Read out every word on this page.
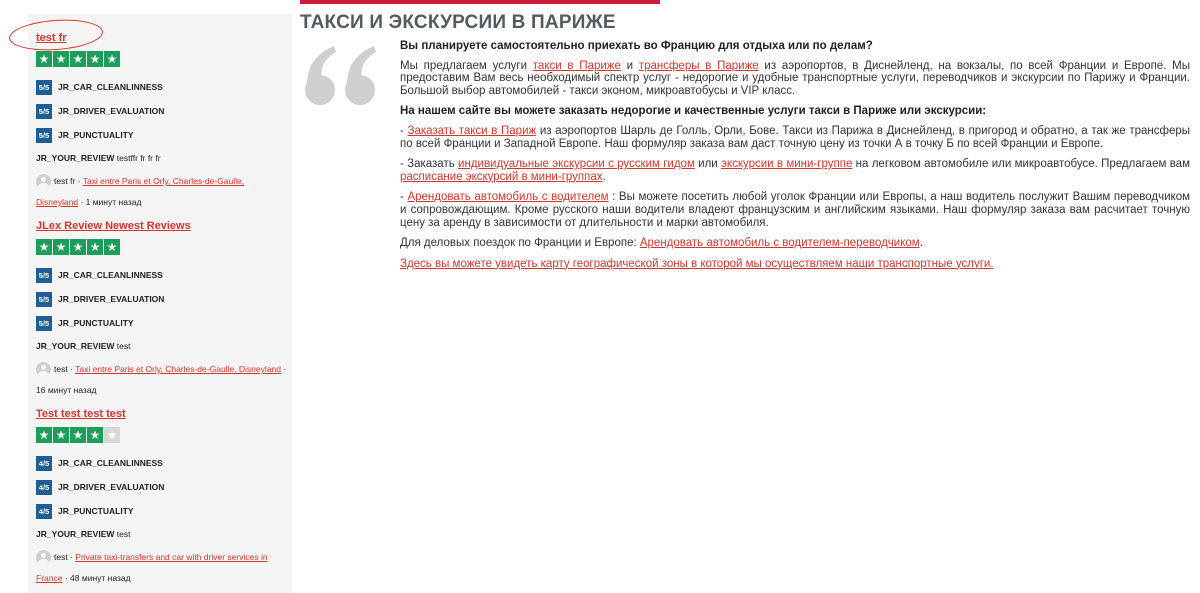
test fr
★ ★ ★ ★ ★
5/5	JR_CAR_CLEANLINNESS
5/5	JR_DRIVER_EVALUATION
5/5	JR_PUNCTUALITY
JR_YOUR_REVIEW testffr fr fr fr
test fr · Taxi entre Paris et Orly, Charles-de-Gaulle, Disneyland · 1 минут назад
JLex Review Newest Reviews
★ ★ ★ ★ ★
5/5	JR_CAR_CLEANLINNESS
5/5	JR_DRIVER_EVALUATION
5/5	JR_PUNCTUALITY
JR_YOUR_REVIEW test
test · Taxi entre Paris et Orly, Charles-de-Gaulle, Disneyland · 16 минут назад
Test test test test
★ ★ ★ ★ ★
4/5	JR_CAR_CLEANLINNESS
4/5	JR_DRIVER_EVALUATION
4/5	JR_PUNCTUALITY
JR_YOUR_REVIEW test
test · Private taxi-transfers and car with driver services in France · 48 минут назад
ТАКСИ И ЭКСКУРСИИ В ПАРИЖЕ

Вы планируете самостоятельно приехать во Францию для отдыха или по делам?

Мы предлагаем услуги такси в Париже и трансферы в Париже из аэропортов, в Диснейленд, на вокзалы, по всей Франции и Европе. Мы предоставим Вам весь необходимый спектр услуг - недорогие и удобные транспортные услуги, переводчиков и экскурсии по Парижу и Франции. Большой выбор автомобилей - такси эконом, микроавтобусы и VIP класс.

На нашем сайте вы можете заказать недорогие и качественные услуги такси в Париже или экскурсии:

- Заказать такси в Париж из аэропортов Шарль де Голль, Орли, Бове. Такси из Парижа в Диснейленд, в пригород и обратно, а так же трансферы по всей Франции и Западной Европе. Наш формуляр заказа вам даст точную цену из точки А в точку Б по всей Франции и Европе.

- Заказать индивидуальные экскурсии с русским гидом или экскурсии в мини-группе на легковом автомобиле или микроавтобусе. Предлагаем вам расписание экскурсий в мини-группах.

- Арендовать автомобиль с водителем : Вы можете посетить любой уголок Франции или Европы, а наш водитель послужит Вашим переводчиком и сопровождающим. Кроме русского наши водители владеют французским и английским языками. Наш формуляр заказа вам расчитает точную цену за аренду в зависимости от длительности и марки автомобиля.

Для деловых поездок по Франции и Европе: Арендовать автомобиль с водителем-переводчиком.

Здесь вы можете увидеть карту географической зоны в которой мы осуществляем наши транспортные услуги.
